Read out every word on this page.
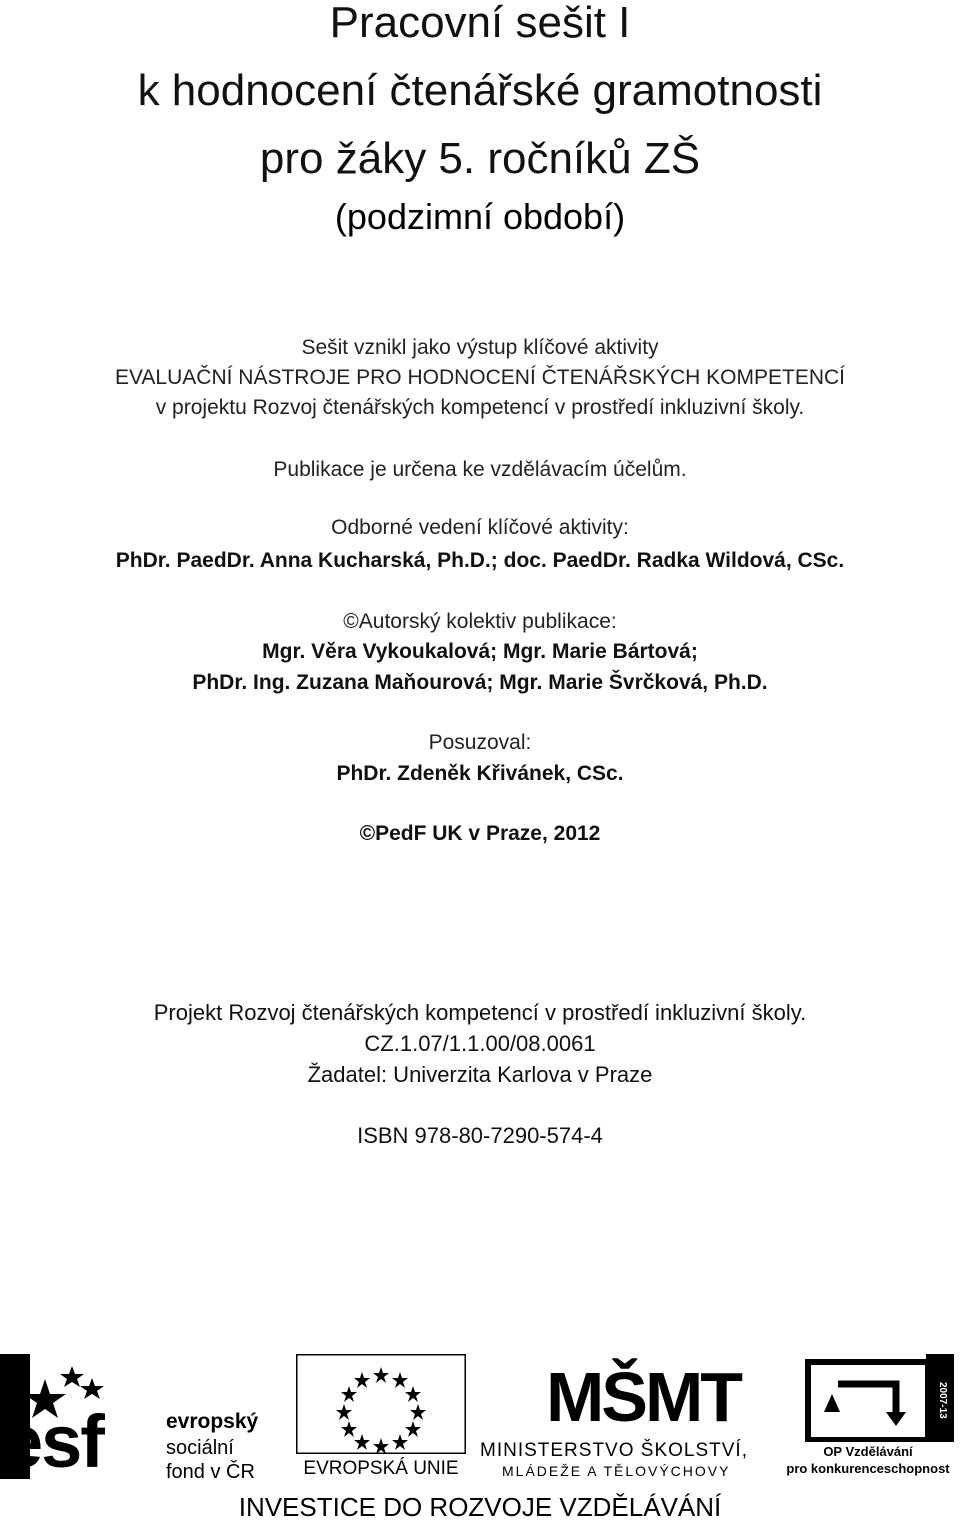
Pracovní sešit I
k hodnocení čtenářské gramotnosti
pro žáky 5. ročníků ZŠ
(podzimní období)
Sešit vznikl jako výstup klíčové aktivity
EVALUAČNÍ NÁSTROJE PRO HODNOCENÍ ČTENÁŘSKÝCH KOMPETENCÍ
v projektu Rozvoj čtenářských kompetencí v prostředí inkluzivní školy.
Publikace je určena ke vzdělávacím účelům.
Odborné vedení klíčové aktivity:
PhDr. PaedDr. Anna Kucharská, Ph.D.; doc. PaedDr. Radka Wildová, CSc.
©Autorský kolektiv publikace:
Mgr. Věra Vykoukalová; Mgr. Marie Bártová;
PhDr. Ing. Zuzana Maňourová; Mgr. Marie Švrčková, Ph.D.
Posuzoval:
PhDr. Zdeněk Křivánek, CSc.
©PedF UK v Praze, 2012
Projekt Rozvoj čtenářských kompetencí v prostředí inkluzivní školy.
CZ.1.07/1.1.00/08.0061
Žadatel: Univerzita Karlova v Praze
ISBN 978-80-7290-574-4
esf	evropský
sociální
fond v ČR	EVROPSKÁ UNIE
MŠMT
MINISTERSTVO ŠKOLSTVÍ,
MLÁDEŽE A TĚLOVÝCHOVY
2007-13
OP Vzdělávání
pro konkurenceschopnost
INVESTICE DO ROZVOJE VZDĚLÁVÁNÍ
